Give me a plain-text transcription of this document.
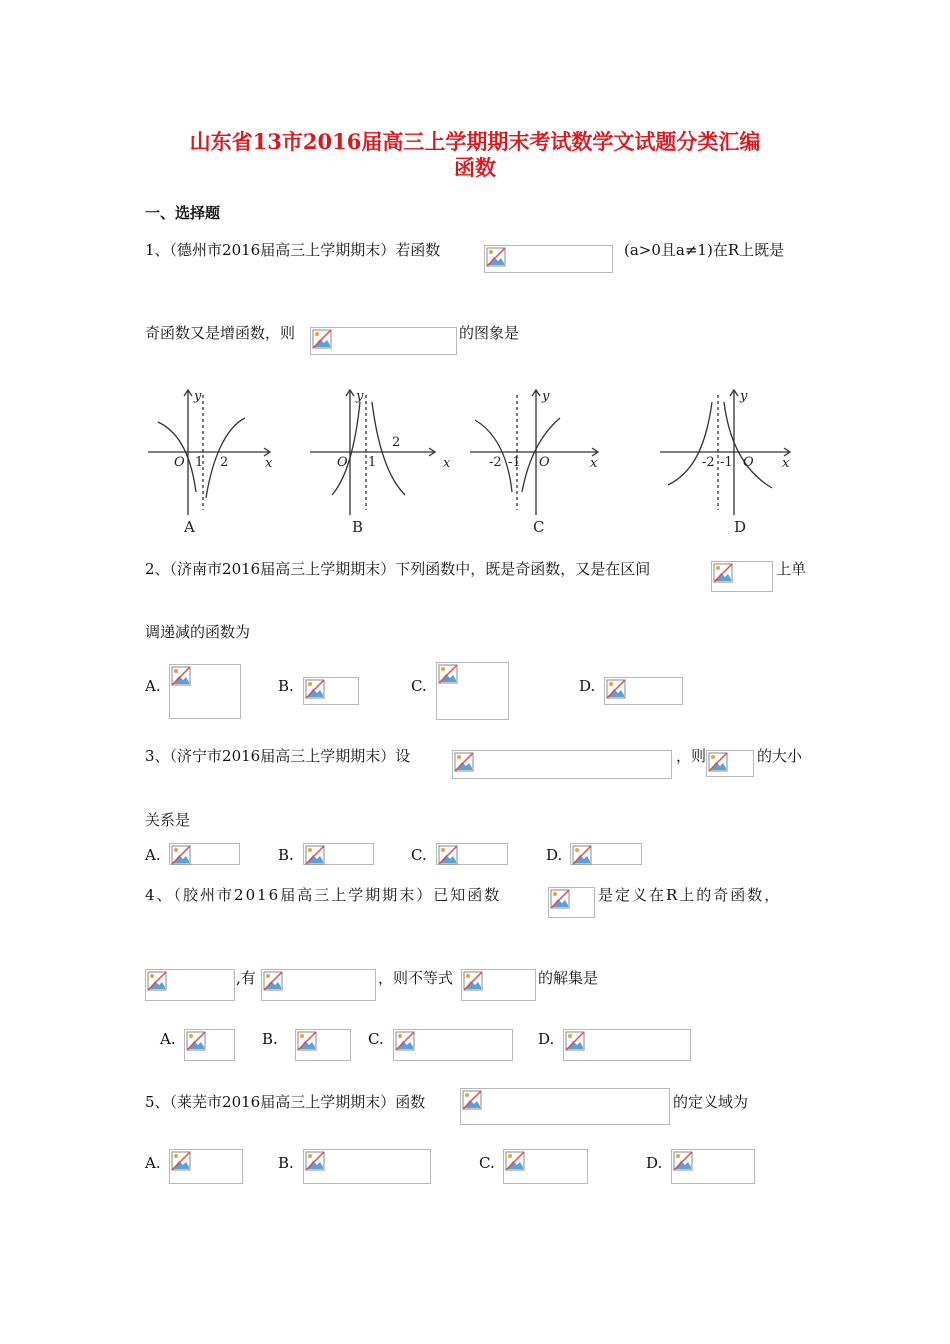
山东省13市2016届高三上学期期末考试数学文试题分类汇编
函数
一、选择题
1、（德州市2016届高三上学期期末）若函数	(a>0且a≠1)在R上既是
奇函数又是增函数，则	的图象是
y
x
O 1 2
y
x
O 1
2
y
x
O
-2 -1
y
x
O
-2 -1
A	B	C	D
2、（济南市2016届高三上学期期末）下列函数中，既是奇函数，又是在区间	上单
调递减的函数为
A.	B.	C.	D.
3、（济宁市2016届高三上学期期末）设	，则	的大小
关系是
A.	B.	C.	D.
4、（胶州市2016届高三上学期期末）已知函数	是定义在R上的奇函数，
,有	，则不等式	的解集是
A.	B.	C.	D.
5、（莱芜市2016届高三上学期期末）函数	的定义域为
A.	B.	C.	D.
